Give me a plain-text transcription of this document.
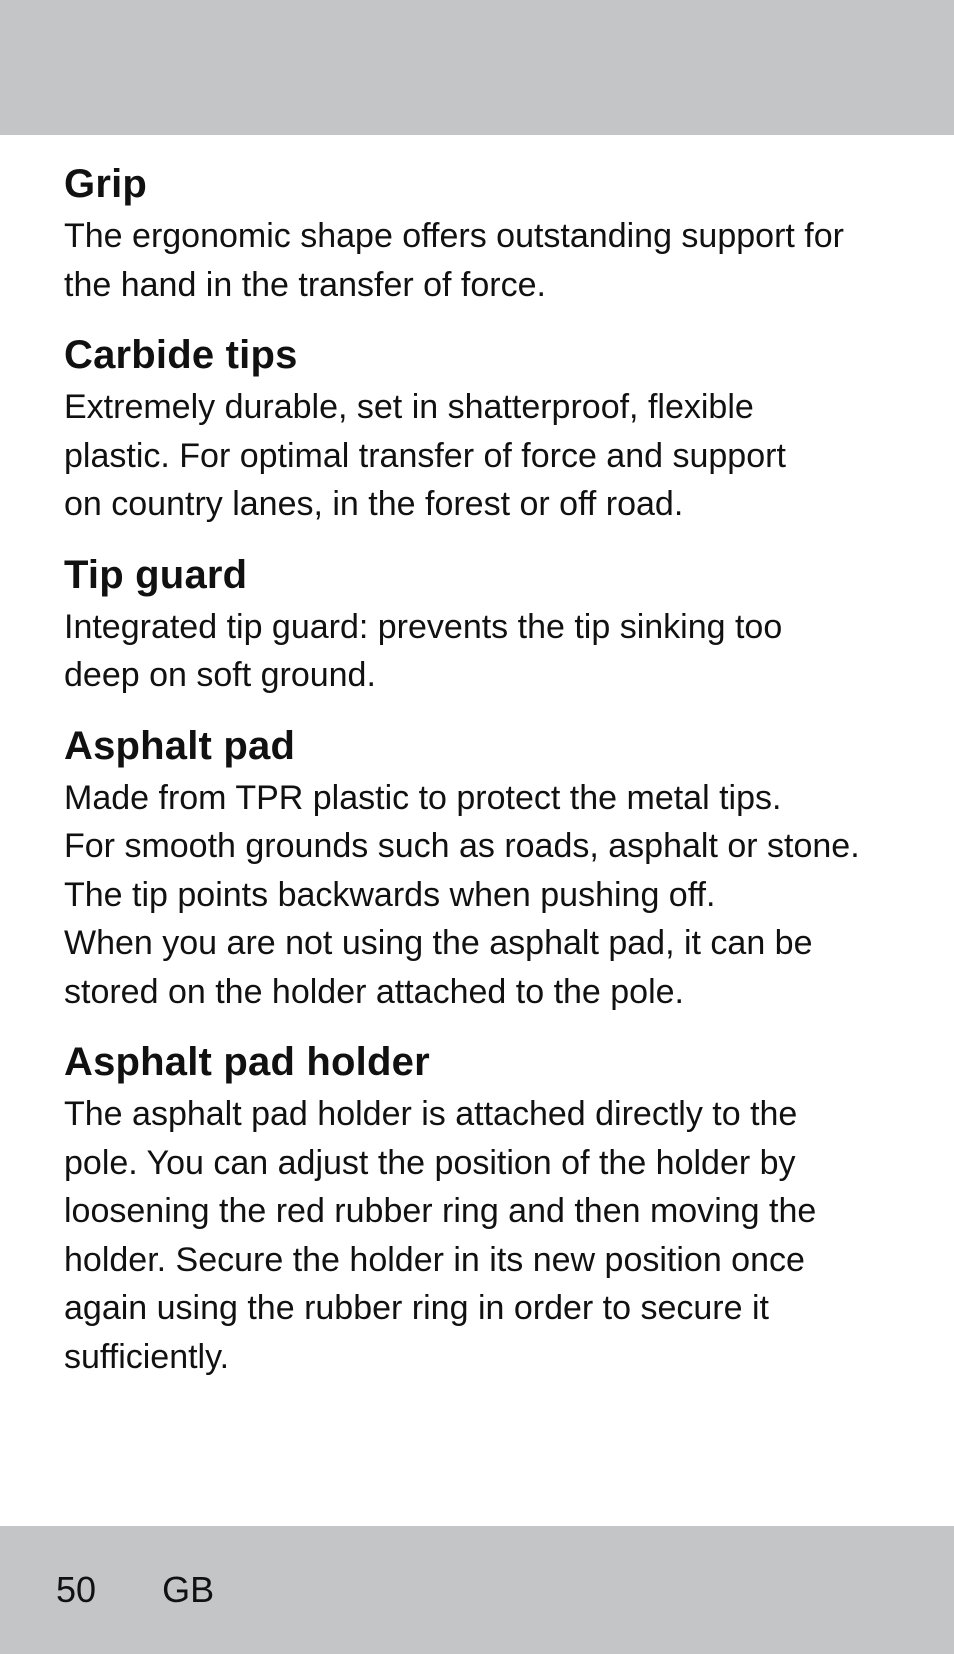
Grip
The ergonomic shape offers outstanding support for
the hand in the transfer of force.
Carbide tips
Extremely durable, set in shatterproof, flexible
plastic. For optimal transfer of force and support
on country lanes, in the forest or off road.
Tip guard
Integrated tip guard: prevents the tip sinking too
deep on soft ground.
Asphalt pad
Made from TPR plastic to protect the metal tips.
For smooth grounds such as roads, asphalt or stone.
The tip points backwards when pushing off.
When you are not using the asphalt pad, it can be
stored on the holder attached to the pole.
Asphalt pad holder
The asphalt pad holder is attached directly to the
pole. You can adjust the position of the holder by
loosening the red rubber ring and then moving the
holder. Secure the holder in its new position once
again using the rubber ring in order to secure it
sufficiently.
50 GB
